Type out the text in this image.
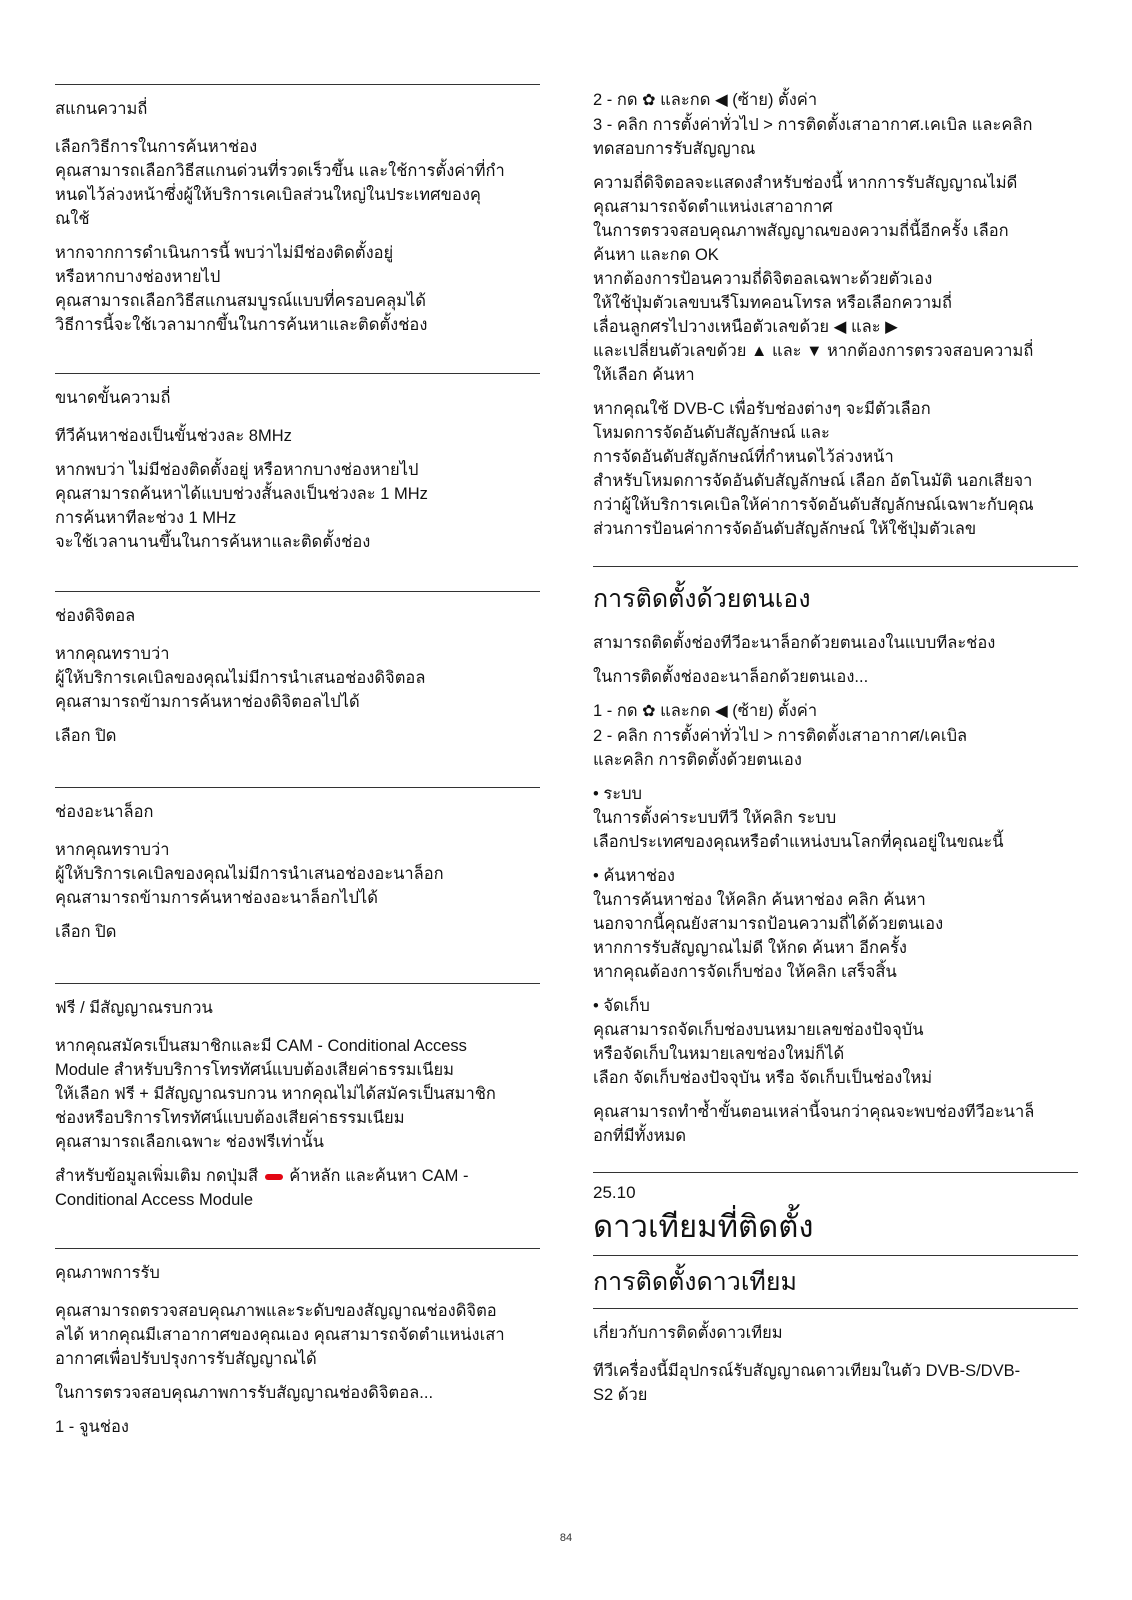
สแกนความถี่
เลือกวิธีการในการค้นหาช่อง
คุณสามารถเลือกวิธีสแกนด่วนที่รวดเร็วขึ้น และใช้การตั้งค่าที่กำ
หนดไว้ล่วงหน้าซึ่งผู้ให้บริการเคเบิลส่วนใหญ่ในประเทศของคุ
ณใช้
หากจากการดำเนินการนี้ พบว่าไม่มีช่องติดตั้งอยู่
หรือหากบางช่องหายไป
คุณสามารถเลือกวิธีสแกนสมบูรณ์แบบที่ครอบคลุมได้
วิธีการนี้จะใช้เวลามากขึ้นในการค้นหาและติดตั้งช่อง
ขนาดขั้นความถี่
ทีวีค้นหาช่องเป็นขั้นช่วงละ 8MHz
หากพบว่า ไม่มีช่องติดตั้งอยู่ หรือหากบางช่องหายไป
คุณสามารถค้นหาได้แบบช่วงสั้นลงเป็นช่วงละ 1 MHz
การค้นหาทีละช่วง 1 MHz
จะใช้เวลานานขึ้นในการค้นหาและติดตั้งช่อง
ช่องดิจิตอล
หากคุณทราบว่า
ผู้ให้บริการเคเบิลของคุณไม่มีการนำเสนอช่องดิจิตอล
คุณสามารถข้ามการค้นหาช่องดิจิตอลไปได้
เลือก ปิด
ช่องอะนาล็อก
หากคุณทราบว่า
ผู้ให้บริการเคเบิลของคุณไม่มีการนำเสนอช่องอะนาล็อก
คุณสามารถข้ามการค้นหาช่องอะนาล็อกไปได้
เลือก ปิด
ฟรี / มีสัญญาณรบกวน
หากคุณสมัครเป็นสมาชิกและมี CAM - Conditional Access
Module สำหรับบริการโทรทัศน์แบบต้องเสียค่าธรรมเนียม
ให้เลือก ฟรี + มีสัญญาณรบกวน หากคุณไม่ได้สมัครเป็นสมาชิก
ช่องหรือบริการโทรทัศน์แบบต้องเสียค่าธรรมเนียม
คุณสามารถเลือกเฉพาะ ช่องฟรีเท่านั้น
สำหรับข้อมูลเพิ่มเติม กดปุ่มสี ค้าหลัก และค้นหา CAM -
Conditional Access Module
คุณภาพการรับ
คุณสามารถตรวจสอบคุณภาพและระดับของสัญญาณช่องดิจิตอ
ลได้ หากคุณมีเสาอากาศของคุณเอง คุณสามารถจัดตำแหน่งเสา
อากาศเพื่อปรับปรุงการรับสัญญาณได้
ในการตรวจสอบคุณภาพการรับสัญญาณช่องดิจิตอล...
1 - จูนช่อง
2 - กด ✿ และกด ◀ (ซ้าย) ตั้งค่า
3 - คลิก การตั้งค่าทั่วไป > การติดตั้งเสาอากาศ.เคเบิล และคลิก
ทดสอบการรับสัญญาณ
ความถี่ดิจิตอลจะแสดงสำหรับช่องนี้ หากการรับสัญญาณไม่ดี
คุณสามารถจัดตำแหน่งเสาอากาศ
ในการตรวจสอบคุณภาพสัญญาณของความถี่นี้อีกครั้ง เลือก
ค้นหา และกด OK
หากต้องการป้อนความถี่ดิจิตอลเฉพาะด้วยตัวเอง
ให้ใช้ปุ่มตัวเลขบนรีโมทคอนโทรล หรือเลือกความถี่
เลื่อนลูกศรไปวางเหนือตัวเลขด้วย ◀ และ ▶
และเปลี่ยนตัวเลขด้วย ▲ และ ▼ หากต้องการตรวจสอบความถี่
ให้เลือก ค้นหา
หากคุณใช้ DVB-C เพื่อรับช่องต่างๆ จะมีตัวเลือก
โหมดการจัดอันดับสัญลักษณ์ และ
การจัดอันดับสัญลักษณ์ที่กำหนดไว้ล่วงหน้า
สำหรับโหมดการจัดอันดับสัญลักษณ์ เลือก อัตโนมัติ นอกเสียจา
กว่าผู้ให้บริการเคเบิลให้ค่าการจัดอันดับสัญลักษณ์เฉพาะกับคุณ
ส่วนการป้อนค่าการจัดอันดับสัญลักษณ์ ให้ใช้ปุ่มตัวเลข
การติดตั้งด้วยตนเอง
สามารถติดตั้งช่องทีวีอะนาล็อกด้วยตนเองในแบบทีละช่อง
ในการติดตั้งช่องอะนาล็อกด้วยตนเอง...
1 - กด ✿ และกด ◀ (ซ้าย) ตั้งค่า
2 - คลิก การตั้งค่าทั่วไป > การติดตั้งเสาอากาศ/เคเบิล
และคลิก การติดตั้งด้วยตนเอง
• ระบบ
ในการตั้งค่าระบบทีวี ให้คลิก ระบบ
เลือกประเทศของคุณหรือตำแหน่งบนโลกที่คุณอยู่ในขณะนี้
• ค้นหาช่อง
ในการค้นหาช่อง ให้คลิก ค้นหาช่อง คลิก ค้นหา
นอกจากนี้คุณยังสามารถป้อนความถี่ได้ด้วยตนเอง
หากการรับสัญญาณไม่ดี ให้กด ค้นหา อีกครั้ง
หากคุณต้องการจัดเก็บช่อง ให้คลิก เสร็จสิ้น
• จัดเก็บ
คุณสามารถจัดเก็บช่องบนหมายเลขช่องปัจจุบัน
หรือจัดเก็บในหมายเลขช่องใหม่ก็ได้
เลือก จัดเก็บช่องปัจจุบัน หรือ จัดเก็บเป็นช่องใหม่
คุณสามารถทำซ้ำขั้นตอนเหล่านี้จนกว่าคุณจะพบช่องทีวีอะนาล็
อกที่มีทั้งหมด
25.10
ดาวเทียมที่ติดตั้ง
การติดตั้งดาวเทียม
เกี่ยวกับการติดตั้งดาวเทียม
ทีวีเครื่องนี้มีอุปกรณ์รับสัญญาณดาวเทียมในตัว DVB-S/DVB-
S2 ด้วย
84
